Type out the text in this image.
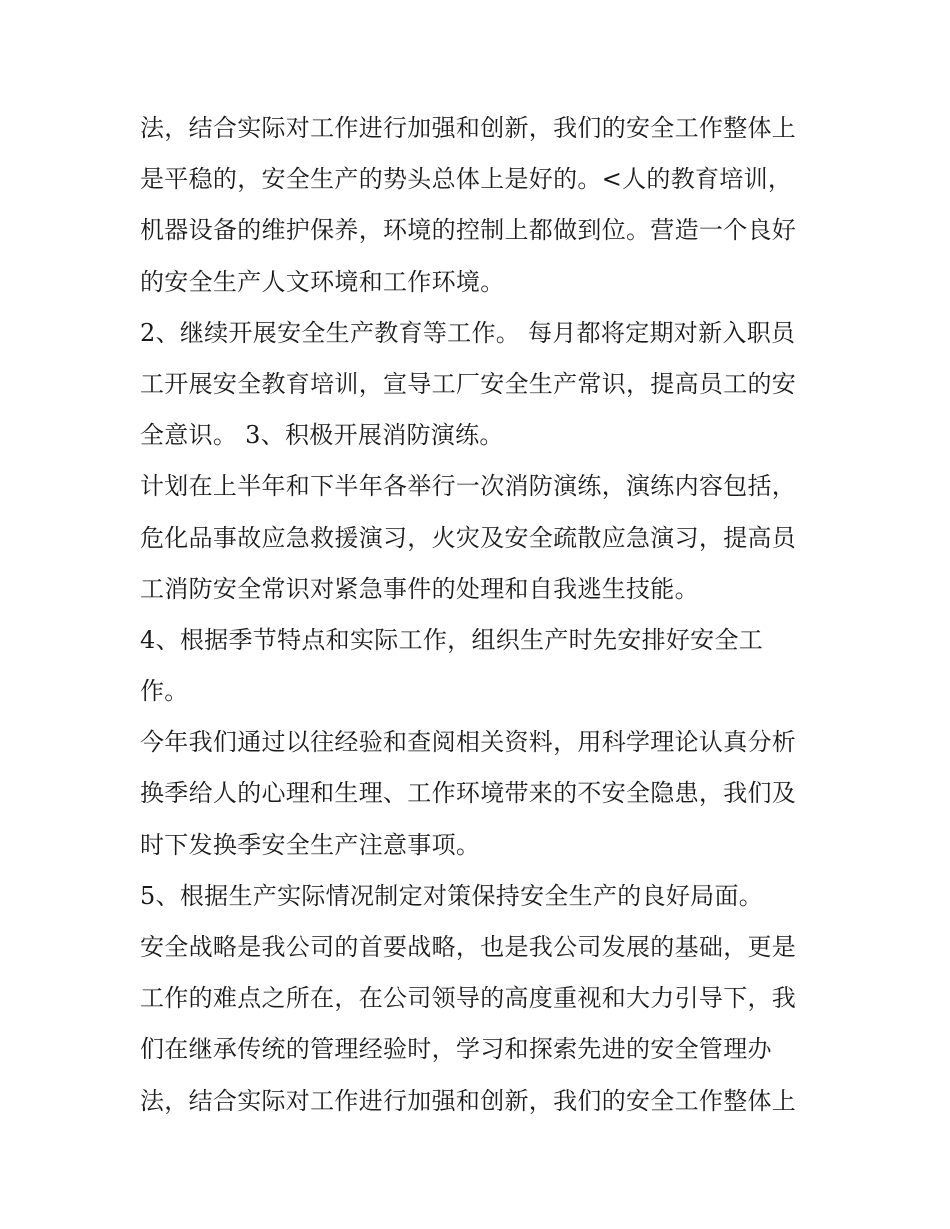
法，结合实际对工作进行加强和创新，我们的安全工作整体上
是平稳的，安全生产的势头总体上是好的。<人的教育培训，
机器设备的维护保养，环境的控制上都做到位。营造一个良好
的安全生产人文环境和工作环境。
2、继续开展安全生产教育等工作。 每月都将定期对新入职员
工开展安全教育培训，宣导工厂安全生产常识，提高员工的安
全意识。 3、积极开展消防演练。
计划在上半年和下半年各举行一次消防演练，演练内容包括，
危化品事故应急救援演习，火灾及安全疏散应急演习，提高员
工消防安全常识对紧急事件的处理和自我逃生技能。
4、根据季节特点和实际工作，组织生产时先安排好安全工
作。
今年我们通过以往经验和查阅相关资料，用科学理论认真分析
换季给人的心理和生理、工作环境带来的不安全隐患，我们及
时下发换季安全生产注意事项。
5、根据生产实际情况制定对策保持安全生产的良好局面。
安全战略是我公司的首要战略，也是我公司发展的基础，更是
工作的难点之所在，在公司领导的高度重视和大力引导下，我
们在继承传统的管理经验时，学习和探索先进的安全管理办
法，结合实际对工作进行加强和创新，我们的安全工作整体上
